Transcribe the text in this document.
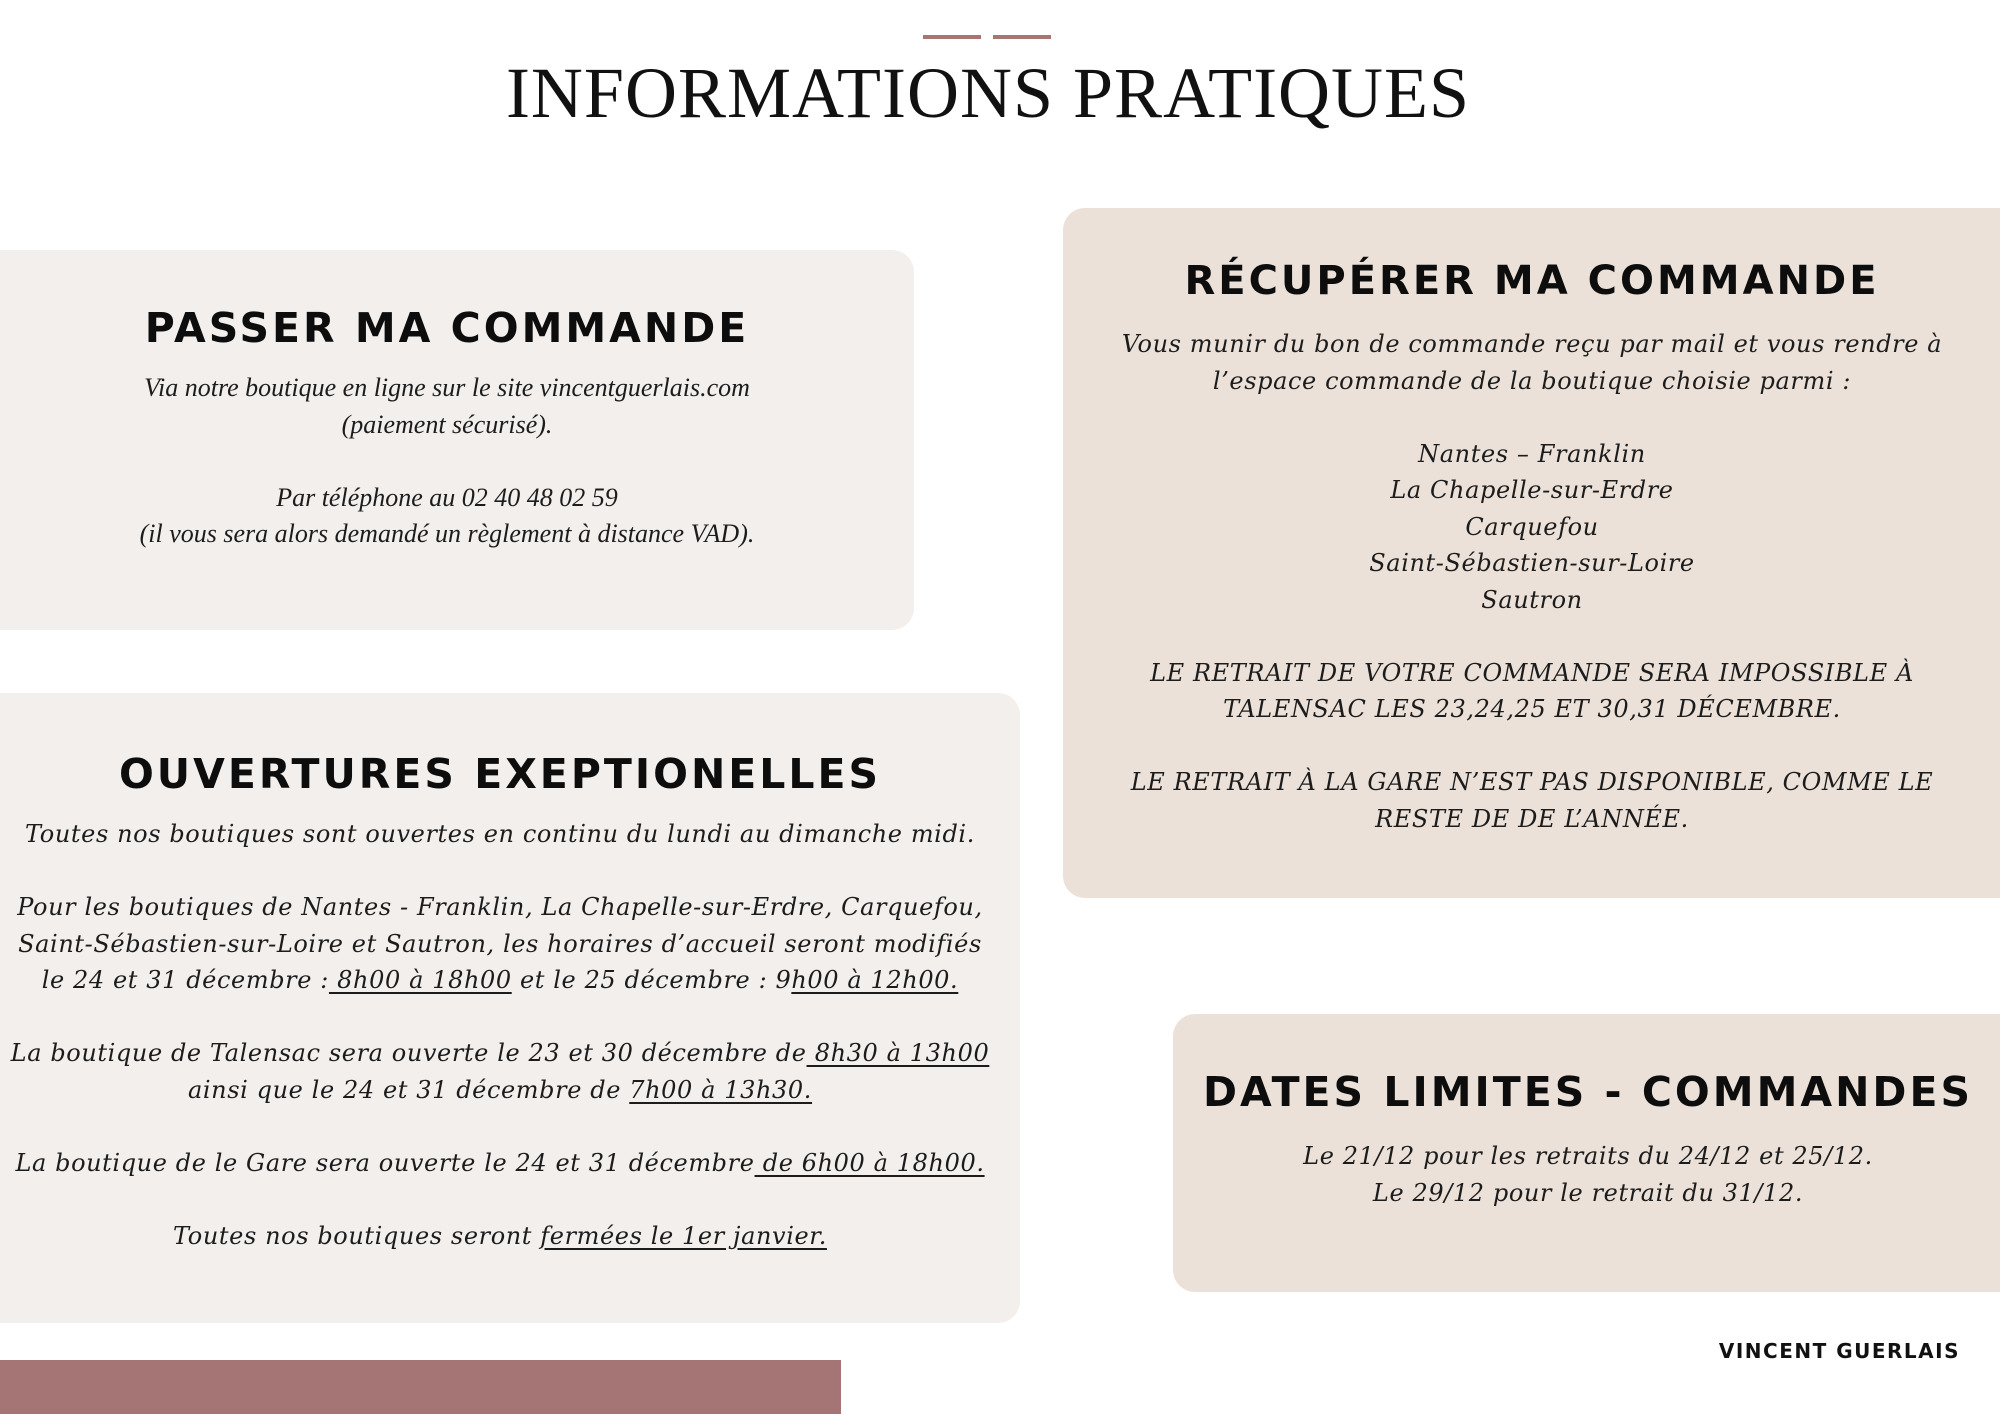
INFORMATIONS PRATIQUES
PASSER MA COMMANDE

Via notre boutique en ligne sur le site vincentguerlais.com
(paiement sécurisé).

Par téléphone au 02 40 48 02 59
(il vous sera alors demandé un règlement à distance VAD).

OUVERTURES EXEPTIONELLES

Toutes nos boutiques sont ouvertes en continu du lundi au dimanche midi.

Pour les boutiques de Nantes - Franklin, La Chapelle-sur-Erdre, Carquefou,
Saint-Sébastien-sur-Loire et Sautron, les horaires d’accueil seront modifiés
le 24 et 31 décembre : 8h00 à 18h00 et le 25 décembre : 9h00 à 12h00.

La boutique de Talensac sera ouverte le 23 et 30 décembre de 8h30 à 13h00
ainsi que le 24 et 31 décembre de 7h00 à 13h30.

La boutique de le Gare sera ouverte le 24 et 31 décembre de 6h00 à 18h00.

Toutes nos boutiques seront fermées le 1er janvier.

RÉCUPÉRER MA COMMANDE

Vous munir du bon de commande reçu par mail et vous rendre à
l’espace commande de la boutique choisie parmi :

Nantes – Franklin
La Chapelle-sur-Erdre
Carquefou
Saint-Sébastien-sur-Loire
Sautron

LE RETRAIT DE VOTRE COMMANDE SERA IMPOSSIBLE À
TALENSAC LES 23,24,25 ET 30,31 DÉCEMBRE.

LE RETRAIT À LA GARE N’EST PAS DISPONIBLE, COMME LE
RESTE DE DE L’ANNÉE.

DATES LIMITES - COMMANDES

Le 21/12 pour les retraits du 24/12 et 25/12.
Le 29/12 pour le retrait du 31/12.

VINCENT GUERLAIS
